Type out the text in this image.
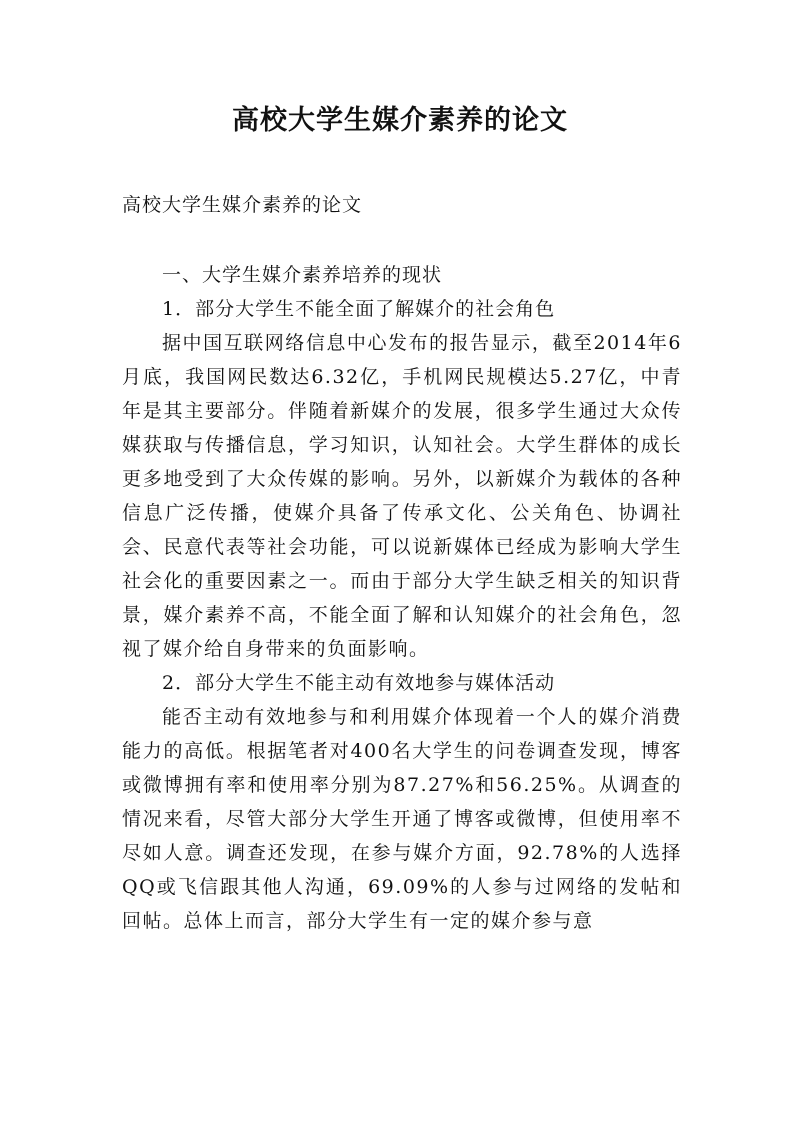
高校大学生媒介素养的论文

高校大学生媒介素养的论文

一、大学生媒介素养培养的现状

1．部分大学生不能全面了解媒介的社会角色

据中国互联网络信息中心发布的报告显示，截至2014年6月底，我国网民数达6.32亿，手机网民规模达5.27亿，中青年是其主要部分。伴随着新媒介的发展，很多学生通过大众传媒获取与传播信息，学习知识，认知社会。大学生群体的成长更多地受到了大众传媒的影响。另外，以新媒介为载体的各种信息广泛传播，使媒介具备了传承文化、公关角色、协调社会、民意代表等社会功能，可以说新媒体已经成为影响大学生社会化的重要因素之一。而由于部分大学生缺乏相关的知识背景，媒介素养不高，不能全面了解和认知媒介的社会角色，忽视了媒介给自身带来的负面影响。

2．部分大学生不能主动有效地参与媒体活动

能否主动有效地参与和利用媒介体现着一个人的媒介消费能力的高低。根据笔者对400名大学生的问卷调查发现，博客或微博拥有率和使用率分别为87.27%和56.25%。从调查的情况来看，尽管大部分大学生开通了博客或微博，但使用率不尽如人意。调查还发现，在参与媒介方面，92.78%的人选择QQ或飞信跟其他人沟通，69.09%的人参与过网络的发帖和回帖。总体上而言，部分大学生有一定的媒介参与意
